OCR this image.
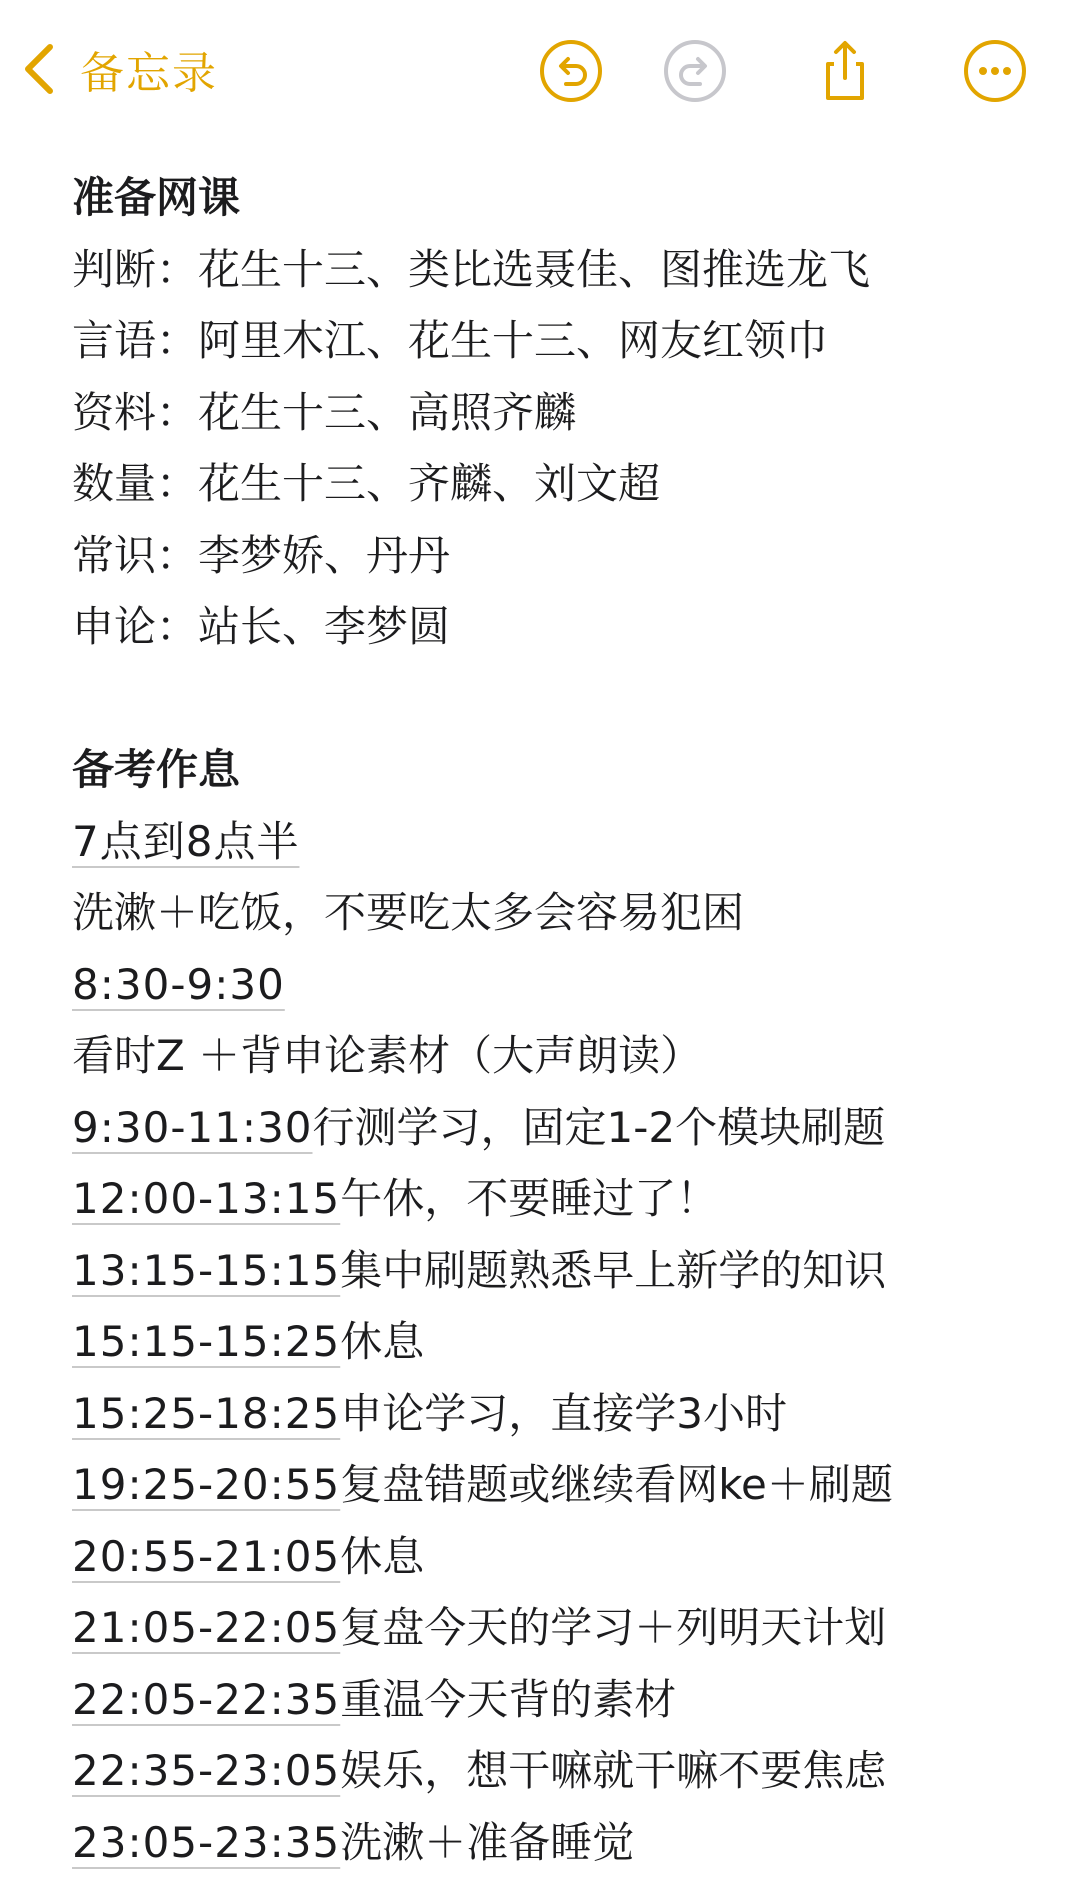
备忘录
准备网课
判断：花生十三、类比选聂佳、图推选龙飞
言语：阿里木江、花生十三、网友红领巾
资料：花生十三、高照齐麟
数量：花生十三、齐麟、刘文超
常识：李梦娇、丹丹
申论：站长、李梦圆
备考作息
7点到8点半
洗漱＋吃饭，不要吃太多会容易犯困
8:30-9:30
看时Z ＋背申论素材（大声朗读）
9:30-11:30行测学习，固定1-2个模块刷题
12:00-13:15午休，不要睡过了！
13:15-15:15集中刷题熟悉早上新学的知识
15:15-15:25休息
15:25-18:25申论学习，直接学3小时
19:25-20:55复盘错题或继续看网ke＋刷题
20:55-21:05休息
21:05-22:05复盘今天的学习＋列明天计划
22:05-22:35重温今天背的素材
22:35-23:05娱乐，想干嘛就干嘛不要焦虑
23:05-23:35洗漱＋准备睡觉
